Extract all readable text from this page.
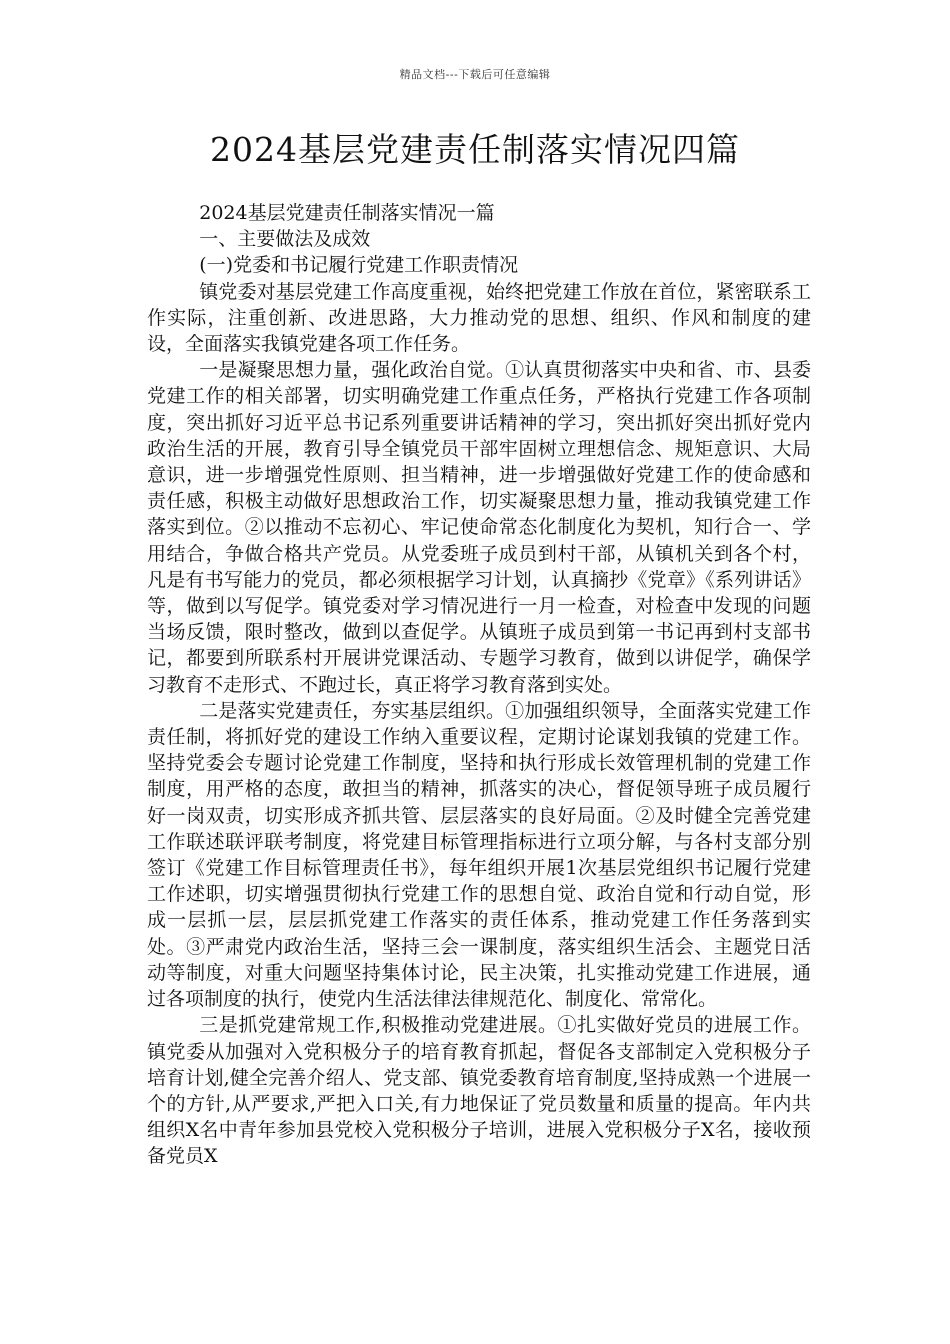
精品文档---下载后可任意编辑
2024基层党建责任制落实情况四篇

2024基层党建责任制落实情况一篇

一、主要做法及成效

(一)党委和书记履行党建工作职责情况

镇党委对基层党建工作高度重视，始终把党建工作放在首位，紧密联系工作实际，注重创新、改进思路，大力推动党的思想、组织、作风和制度的建设，全面落实我镇党建各项工作任务。

一是凝聚思想力量，强化政治自觉。①认真贯彻落实中央和省、市、县委党建工作的相关部署，切实明确党建工作重点任务，严格执行党建工作各项制度，突出抓好习近平总书记系列重要讲话精神的学习，突出抓好突出抓好党内政治生活的开展，教育引导全镇党员干部牢固树立理想信念、规矩意识、大局意识，进一步增强党性原则、担当精神，进一步增强做好党建工作的使命感和责任感，积极主动做好思想政治工作，切实凝聚思想力量，推动我镇党建工作落实到位。②以推动不忘初心、牢记使命常态化制度化为契机，知行合一、学用结合，争做合格共产党员。从党委班子成员到村干部，从镇机关到各个村，凡是有书写能力的党员，都必须根据学习计划，认真摘抄《党章》《系列讲话》等，做到以写促学。镇党委对学习情况进行一月一检查，对检查中发现的问题当场反馈，限时整改，做到以查促学。从镇班子成员到第一书记再到村支部书记，都要到所联系村开展讲党课活动、专题学习教育，做到以讲促学，确保学习教育不走形式、不跑过长，真正将学习教育落到实处。

二是落实党建责任，夯实基层组织。①加强组织领导，全面落实党建工作责任制，将抓好党的建设工作纳入重要议程，定期讨论谋划我镇的党建工作。坚持党委会专题讨论党建工作制度，坚持和执行形成长效管理机制的党建工作制度，用严格的态度，敢担当的精神，抓落实的决心，督促领导班子成员履行好一岗双责，切实形成齐抓共管、层层落实的良好局面。②及时健全完善党建工作联述联评联考制度，将党建目标管理指标进行立项分解，与各村支部分别签订《党建工作目标管理责任书》，每年组织开展1次基层党组织书记履行党建工作述职，切实增强贯彻执行党建工作的思想自觉、政治自觉和行动自觉，形成一层抓一层，层层抓党建工作落实的责任体系，推动党建工作任务落到实处。③严肃党内政治生活，坚持三会一课制度，落实组织生活会、主题党日活动等制度，对重大问题坚持集体讨论，民主决策，扎实推动党建工作进展，通过各项制度的执行，使党内生活法律法律规范化、制度化、常常化。

三是抓党建常规工作,积极推动党建进展。①扎实做好党员的进展工作。镇党委从加强对入党积极分子的培育教育抓起，督促各支部制定入党积极分子培育计划,健全完善介绍人、党支部、镇党委教育培育制度,坚持成熟一个进展一个的方针,从严要求,严把入口关,有力地保证了党员数量和质量的提高。年内共组织X名中青年参加县党校入党积极分子培训，进展入党积极分子X名，接收预备党员X
